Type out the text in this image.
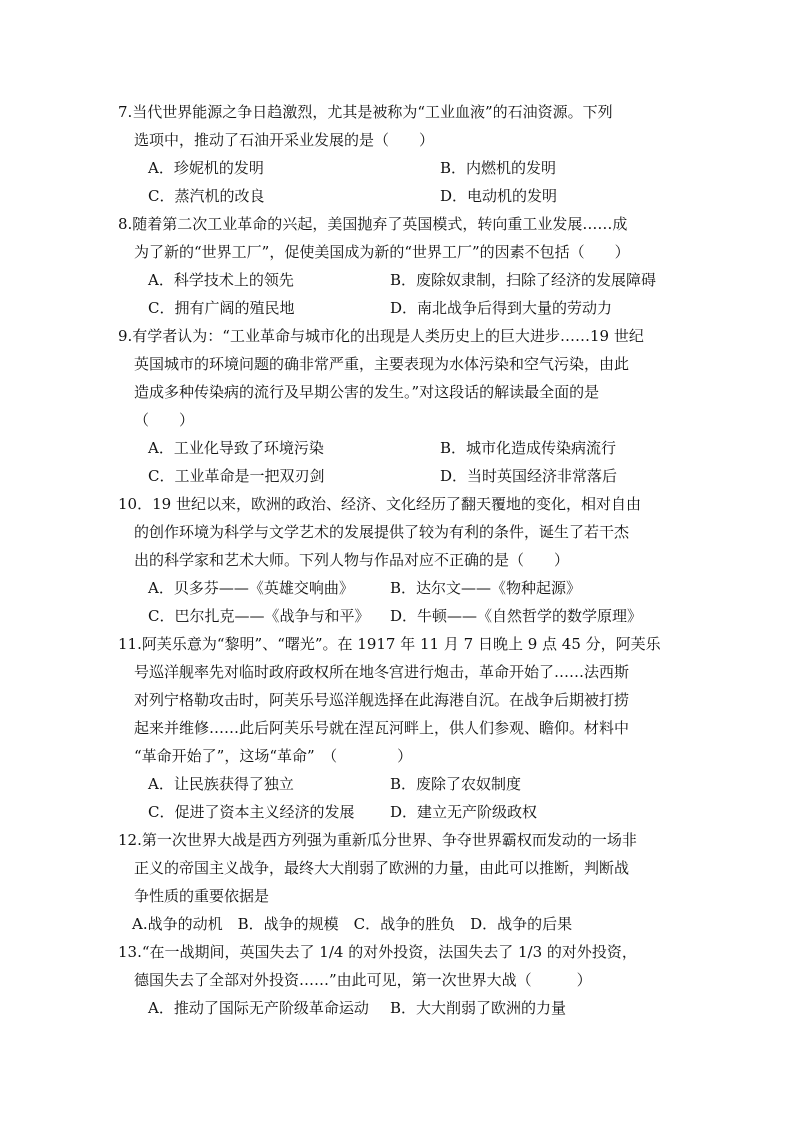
7.当代世界能源之争日趋激烈，尤其是被称为“工业血液”的石油资源。下列
选项中，推动了石油开采业发展的是（　　）
A．珍妮机的发明	B．内燃机的发明
C．蒸汽机的改良	D．电动机的发明
8.随着第二次工业革命的兴起，美国抛弃了英国模式，转向重工业发展……成
为了新的“世界工厂”，促使美国成为新的“世界工厂”的因素不包括（　　）
A．科学技术上的领先	B．废除奴隶制，扫除了经济的发展障碍
C．拥有广阔的殖民地	D．南北战争后得到大量的劳动力
9.有学者认为：“工业革命与城市化的出现是人类历史上的巨大进步……19 世纪
英国城市的环境问题的确非常严重，主要表现为水体污染和空气污染，由此
造成多种传染病的流行及早期公害的发生。”对这段话的解读最全面的是
（　　）
A．工业化导致了环境污染	B．城市化造成传染病流行
C．工业革命是一把双刃剑	D．当时英国经济非常落后
10．19 世纪以来，欧洲的政治、经济、文化经历了翻天覆地的变化，相对自由
的创作环境为科学与文学艺术的发展提供了较为有利的条件，诞生了若干杰
出的科学家和艺术大师。下列人物与作品对应不正确的是（　　）
A．贝多芬——《英雄交响曲》 B．达尔文——《物种起源》
C．巴尔扎克——《战争与和平》 D．牛顿——《自然哲学的数学原理》
11.阿芙乐意为“黎明”、“曙光”。在 1917 年 11 月 7 日晚上 9 点 45 分，阿芙乐
号巡洋舰率先对临时政府政权所在地冬宫进行炮击，革命开始了……法西斯
对列宁格勒攻击时，阿芙乐号巡洋舰选择在此海港自沉。在战争后期被打捞
起来并维修……此后阿芙乐号就在涅瓦河畔上，供人们参观、瞻仰。材料中
“革命开始了”，这场“革命”　（　　　　）
A．让民族获得了独立	B．废除了农奴制度
C．促进了资本主义经济的发展 D．建立无产阶级政权
12.第一次世界大战是西方列强为重新瓜分世界、争夺世界霸权而发动的一场非
正义的帝国主义战争，最终大大削弱了欧洲的力量，由此可以推断，判断战
争性质的重要依据是
A.战争的动机　B．战争的规模　C．战争的胜负　D．战争的后果
13.“在一战期间，英国失去了 1/4 的对外投资，法国失去了 1/3 的对外投资，
德国失去了全部对外投资……”由此可见，第一次世界大战（　　　）
A．推动了国际无产阶级革命运动 B．大大削弱了欧洲的力量
